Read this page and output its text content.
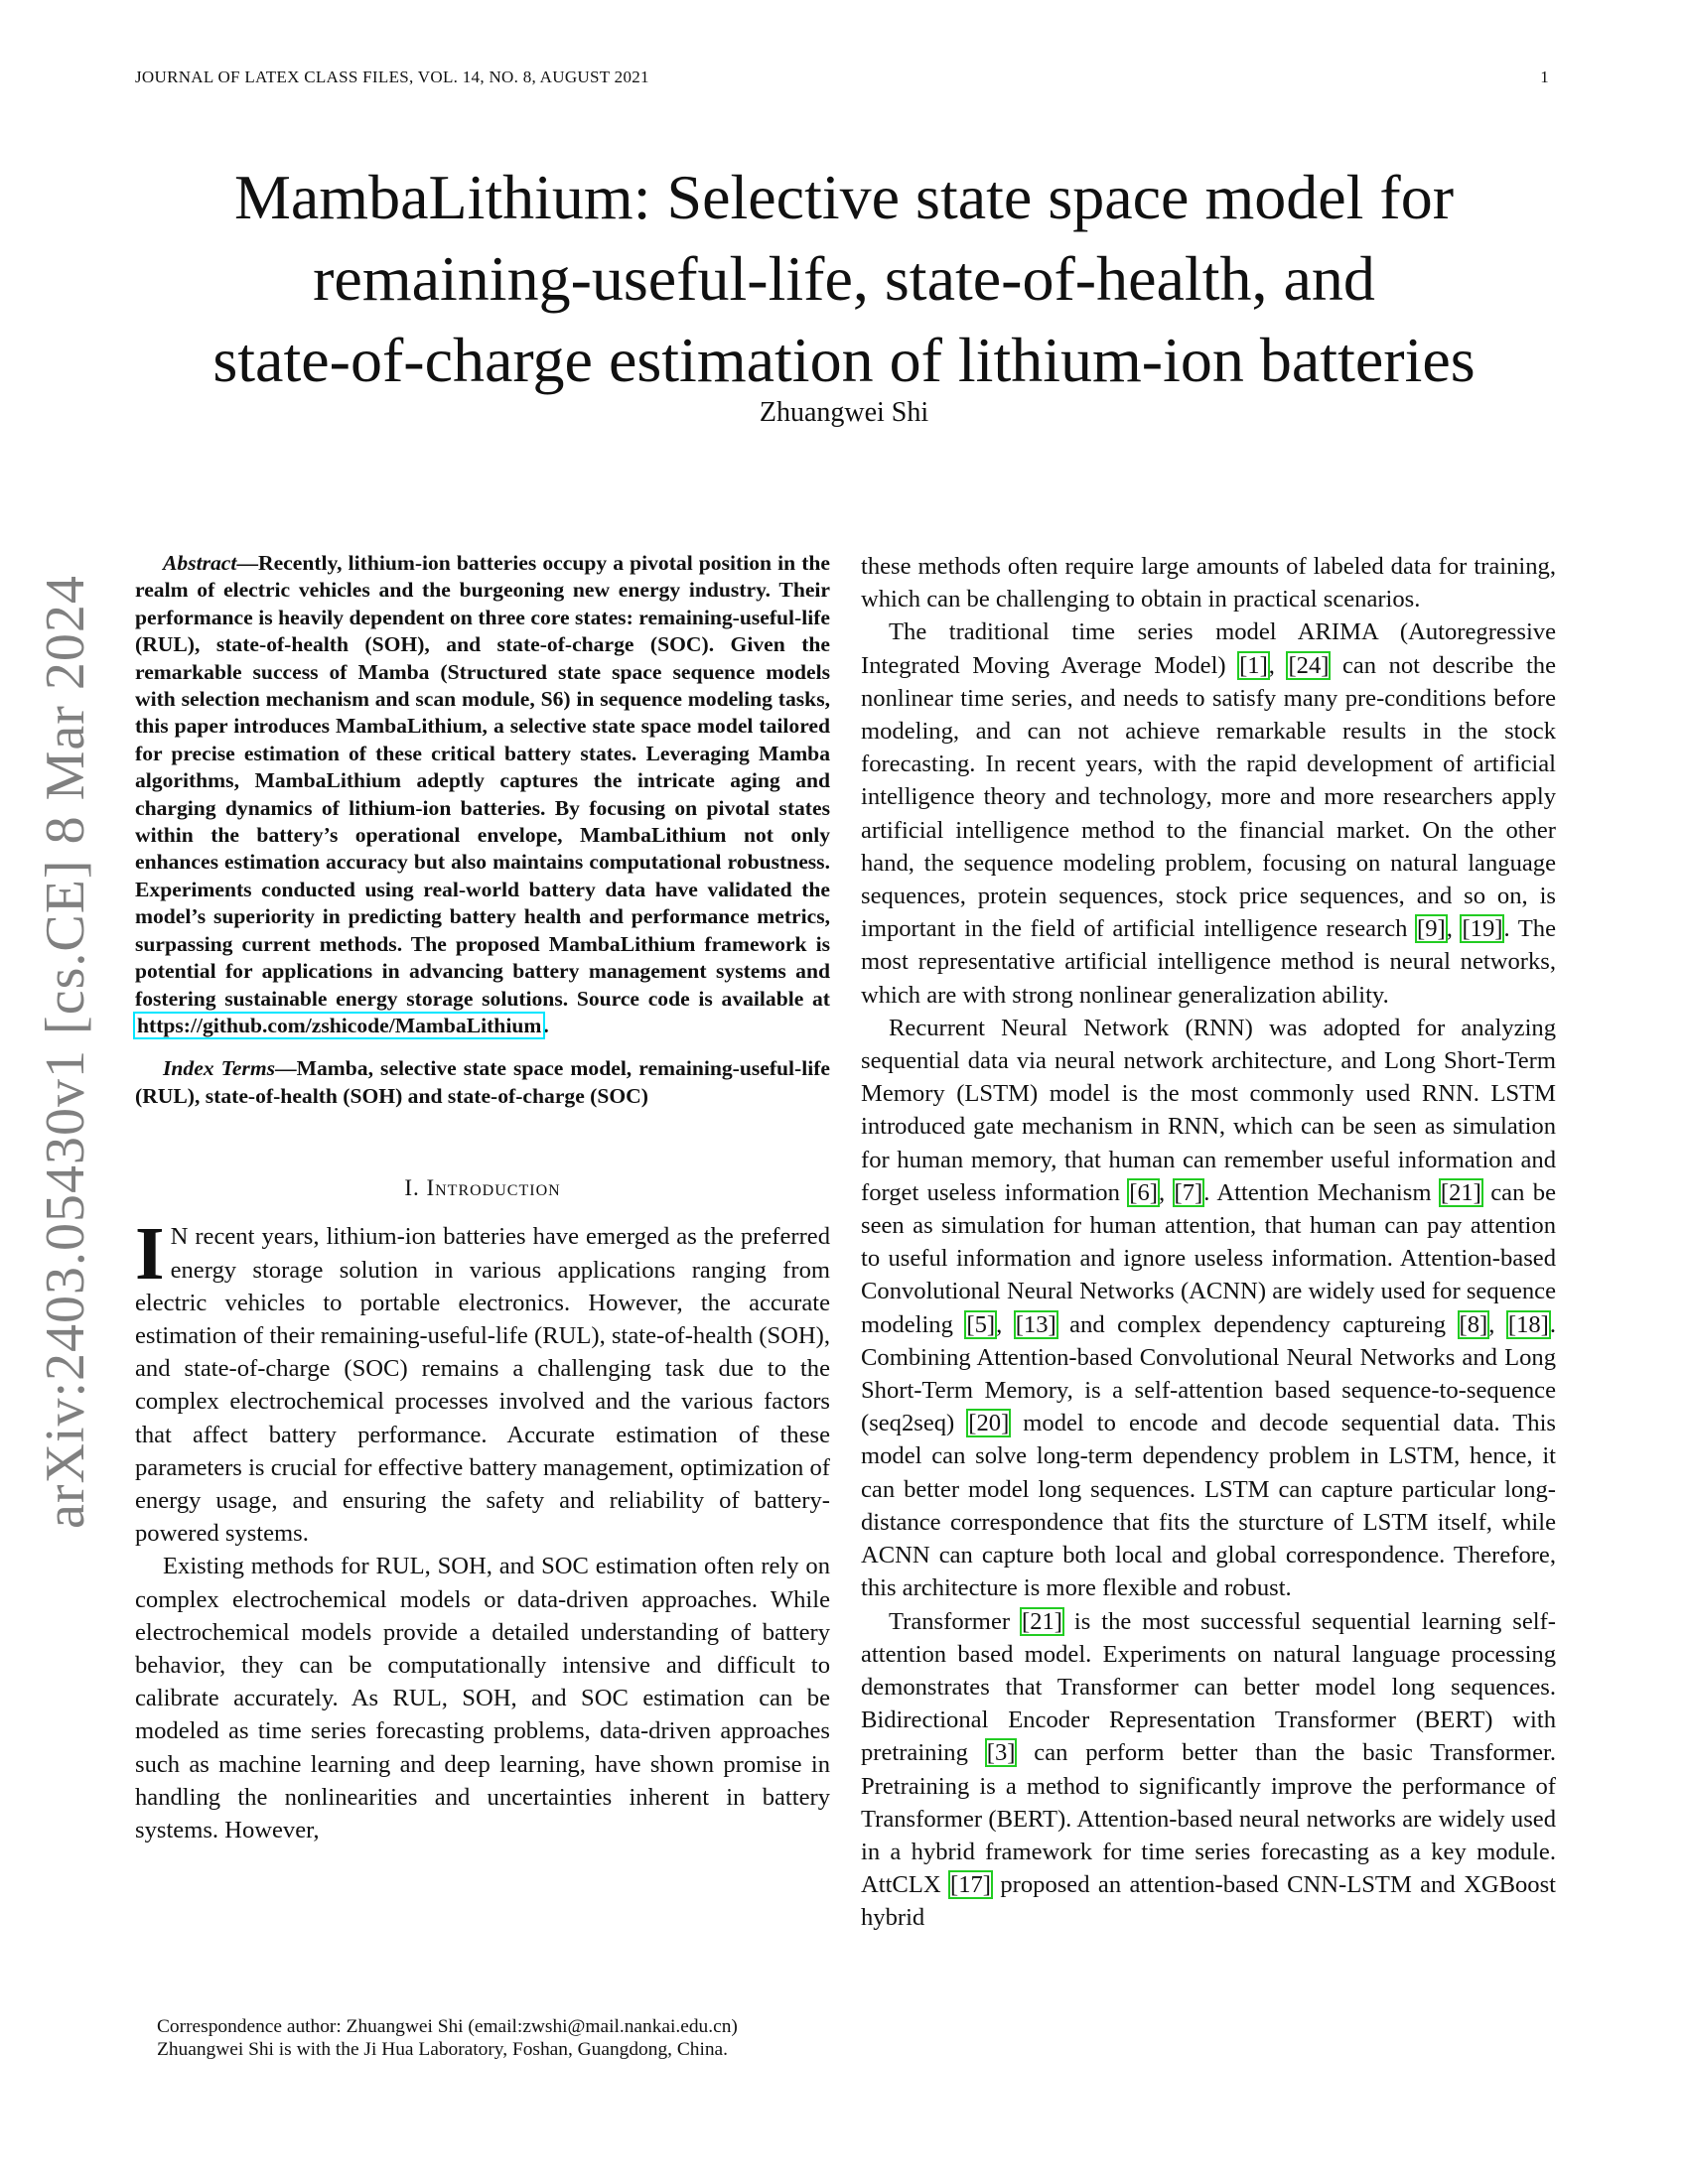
JOURNAL OF LATEX CLASS FILES, VOL. 14, NO. 8, AUGUST 2021	1
arXiv:2403.05430v1 [cs.CE] 8 Mar 2024
MambaLithium: Selective state space model for
remaining-useful-life, state-of-health, and
state-of-charge estimation of lithium-ion batteries
Zhuangwei Shi

Abstract—Recently, lithium-ion batteries occupy a pivotal position in the realm of electric vehicles and the burgeoning new energy industry. Their performance is heavily dependent on three core states: remaining-useful-life (RUL), state-of-health (SOH), and state-of-charge (SOC). Given the remarkable success of Mamba (Structured state space sequence models with selection mechanism and scan module, S6) in sequence modeling tasks, this paper introduces MambaLithium, a selective state space model tailored for precise estimation of these critical battery states. Leveraging Mamba algorithms, MambaLithium adeptly captures the intricate aging and charging dynamics of lithium-ion batteries. By focusing on pivotal states within the battery’s operational envelope, MambaLithium not only enhances estimation accuracy but also maintains computational robustness. Experiments conducted using real-world battery data have validated the model’s superiority in predicting battery health and performance metrics, surpassing current methods. The proposed MambaLithium framework is potential for applications in advancing battery management systems and fostering sustainable energy storage solutions. Source code is available at https://github.com/zshicode/MambaLithium.

Index Terms—Mamba, selective state space model, remaining-useful-life (RUL), state-of-health (SOH) and state-of-charge (SOC)

I. Introduction

I N recent years, lithium-ion batteries have emerged as the preferred energy storage solution in various applications ranging from electric vehicles to portable electronics. However, the accurate estimation of their remaining-useful-life (RUL), state-of-health (SOH), and state-of-charge (SOC) remains a challenging task due to the complex electrochemical processes involved and the various factors that affect battery performance. Accurate estimation of these parameters is crucial for effective battery management, optimization of energy usage, and ensuring the safety and reliability of battery-powered systems.

Existing methods for RUL, SOH, and SOC estimation often rely on complex electrochemical models or data-driven approaches. While electrochemical models provide a detailed understanding of battery behavior, they can be computationally intensive and difficult to calibrate accurately. As RUL, SOH, and SOC estimation can be modeled as time series forecasting problems, data-driven approaches such as machine learning and deep learning, have shown promise in handling the nonlinearities and uncertainties inherent in battery systems. However,

Correspondence author: Zhuangwei Shi (email:zwshi@mail.nankai.edu.cn)
Zhuangwei Shi is with the Ji Hua Laboratory, Foshan, Guangdong, China.

these methods often require large amounts of labeled data for training, which can be challenging to obtain in practical scenarios.

The traditional time series model ARIMA (Autoregressive Integrated Moving Average Model) [1], [24] can not describe the nonlinear time series, and needs to satisfy many pre-conditions before modeling, and can not achieve remarkable results in the stock forecasting. In recent years, with the rapid development of artificial intelligence theory and technology, more and more researchers apply artificial intelligence method to the financial market. On the other hand, the sequence modeling problem, focusing on natural language sequences, protein sequences, stock price sequences, and so on, is important in the field of artificial intelligence research [9], [19]. The most representative artificial intelligence method is neural networks, which are with strong nonlinear generalization ability.

Recurrent Neural Network (RNN) was adopted for analyzing sequential data via neural network architecture, and Long Short-Term Memory (LSTM) model is the most commonly used RNN. LSTM introduced gate mechanism in RNN, which can be seen as simulation for human memory, that human can remember useful information and forget useless information [6], [7]. Attention Mechanism [21] can be seen as simulation for human attention, that human can pay attention to useful information and ignore useless information. Attention-based Convolutional Neural Networks (ACNN) are widely used for sequence modeling [5], [13] and complex dependency captureing [8], [18]. Combining Attention-based Convolutional Neural Networks and Long Short-Term Memory, is a self-attention based sequence-to-sequence (seq2seq) [20] model to encode and decode sequential data. This model can solve long-term dependency problem in LSTM, hence, it can better model long sequences. LSTM can capture particular long-distance correspondence that fits the sturcture of LSTM itself, while ACNN can capture both local and global correspondence. Therefore, this architecture is more flexible and robust.

Transformer [21] is the most successful sequential learning self-attention based model. Experiments on natural language processing demonstrates that Transformer can better model long sequences. Bidirectional Encoder Representation Transformer (BERT) with pretraining [3] can perform better than the basic Transformer. Pretraining is a method to significantly improve the performance of Transformer (BERT). Attention-based neural networks are widely used in a hybrid framework for time series forecasting as a key module. AttCLX [17] proposed an attention-based CNN-LSTM and XGBoost hybrid
